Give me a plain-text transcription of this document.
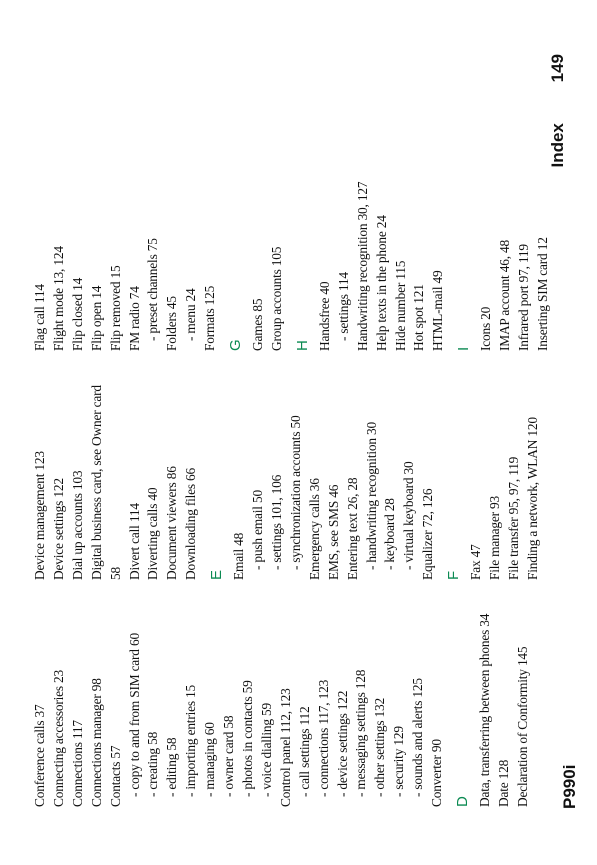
Conference calls 37 Connecting accessories 23 Connections 117 Connections manager 98 Contacts 57 - copy to and from SIM card 60 - creating 58 - editing 58 - importing entries 15 - managing 60 - owner card 58 - photos in contacts 59 - voice dialling 59 Control panel 112, 123 - call settings 112 - connections 117, 123 - device settings 122 - messaging settings 128 - other settings 132 - security 129 - sounds and alerts 125 Converter 90 D Data, transferring between phones 34 Date 128 Declaration of Conformity 145
Device management 123 Device settings 122 Dial up accounts 103 Digital business card, see Owner card 58 Divert call 114 Diverting calls 40 Document viewers 86 Downloading files 66 E Email 48 - push email 50 - settings 101, 106 - synchronization accounts 50 Emergency calls 36 EMS, see SMS 46 Entering text 26, 28 - handwriting recognition 30 - keyboard 28 - virtual keyboard 30 Equalizer 72, 126 F Fax 47 File manager 93 File transfer 95, 97, 119 Finding a network, WLAN 120
Flag call 114 Flight mode 13, 124 Flip closed 14 Flip open 14 Flip removed 15 FM radio 74 - preset channels 75 Folders 45 - menu 24 Formats 125 G Games 85 Group accounts 105 H Handsfree 40 - settings 114 Handwriting recognition 30, 127 Help texts in the phone 24 Hide number 115 Hot spot 121 HTML-mail 49 I Icons 20 IMAP account 46, 48 Infrared port 97, 119 Inserting SIM card 12
P990i
Index 149
